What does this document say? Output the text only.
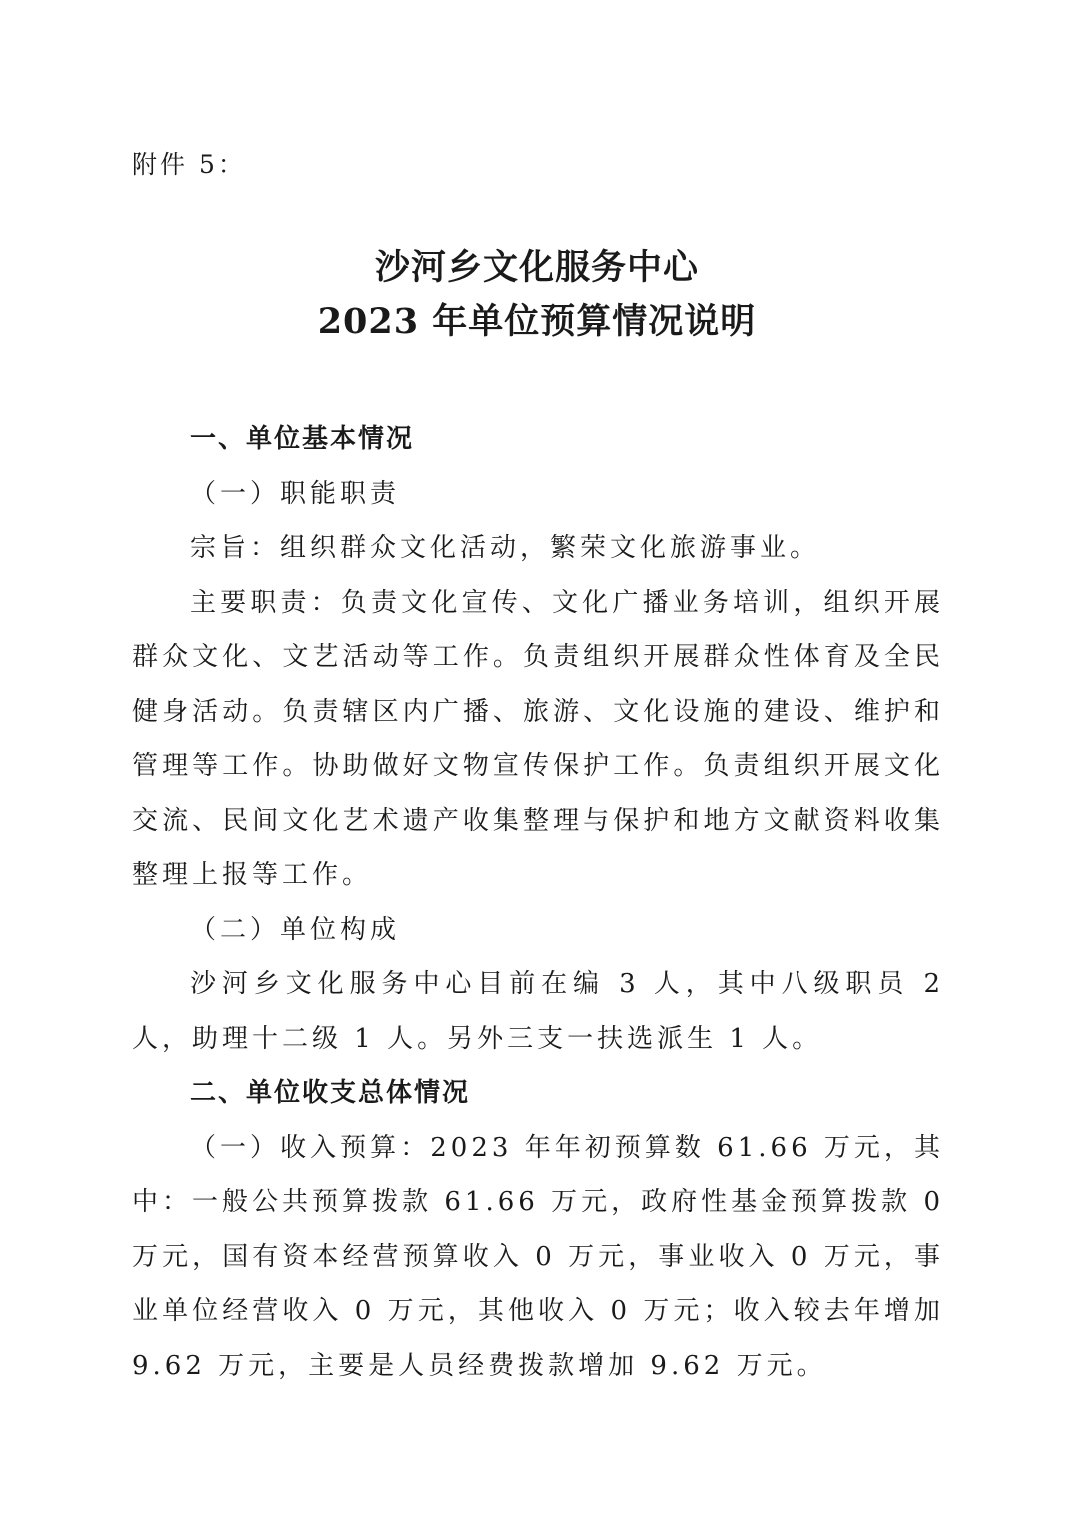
附件 5：
沙河乡文化服务中心
2023 年单位预算情况说明

一、单位基本情况

（一）职能职责

宗旨：组织群众文化活动，繁荣文化旅游事业。

主要职责：负责文化宣传、文化广播业务培训，组织开展群众文化、文艺活动等工作。负责组织开展群众性体育及全民健身活动。负责辖区内广播、旅游、文化设施的建设、维护和管理等工作。协助做好文物宣传保护工作。负责组织开展文化交流、民间文化艺术遗产收集整理与保护和地方文献资料收集整理上报等工作。

（二）单位构成

沙河乡文化服务中心目前在编 3 人，其中八级职员 2 人，助理十二级 1 人。另外三支一扶选派生 1 人。

二、单位收支总体情况

（一）收入预算：2023 年年初预算数 61.66 万元，其中：一般公共预算拨款 61.66 万元，政府性基金预算拨款 0 万元，国有资本经营预算收入 0 万元，事业收入 0 万元，事业单位经营收入 0 万元，其他收入 0 万元；收入较去年增加 9.62 万元，主要是人员经费拨款增加 9.62 万元。
